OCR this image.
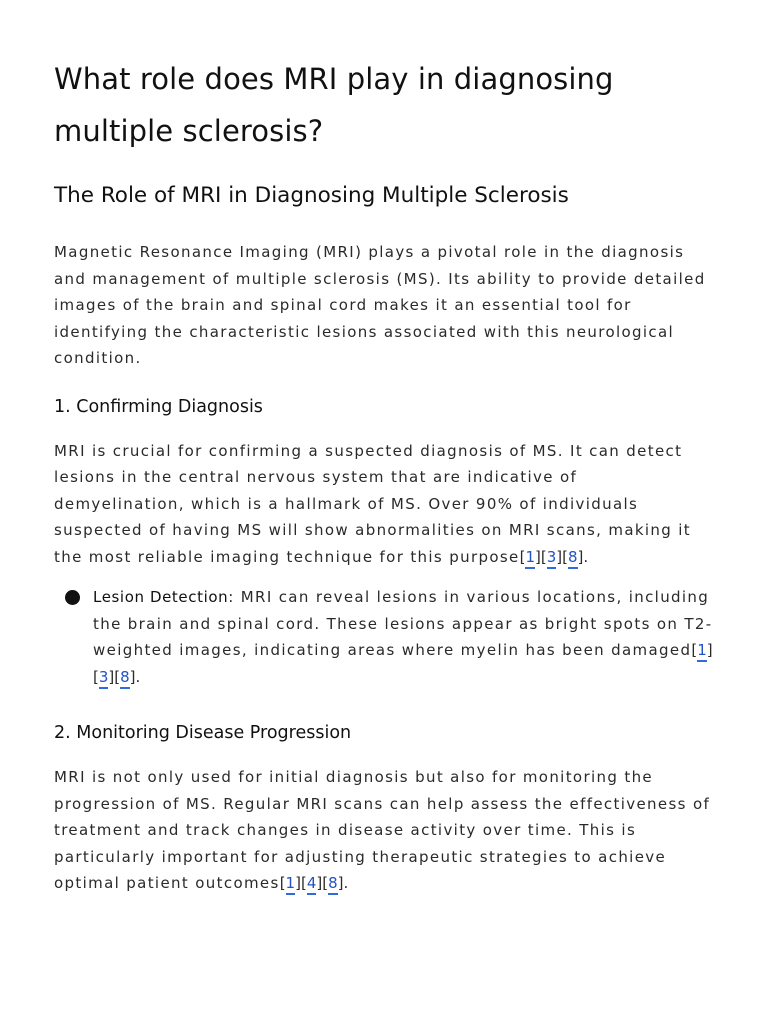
What role does MRI play in diagnosing multiple sclerosis?
The Role of MRI in Diagnosing Multiple Sclerosis

Magnetic Resonance Imaging (MRI) plays a pivotal role in the diagnosis and management of multiple sclerosis (MS). Its ability to provide detailed images of the brain and spinal cord makes it an essential tool for identifying the characteristic lesions associated with this neurological condition.

1. Confirming Diagnosis

MRI is crucial for confirming a suspected diagnosis of MS. It can detect lesions in the central nervous system that are indicative of demyelination, which is a hallmark of MS. Over 90% of individuals suspected of having MS will show abnormalities on MRI scans, making it the most reliable imaging technique for this purpose[1][3][8].

Lesion Detection: MRI can reveal lesions in various locations, including the brain and spinal cord. These lesions appear as bright spots on T2-weighted images, indicating areas where myelin has been damaged[1][3][8].
2. Monitoring Disease Progression

MRI is not only used for initial diagnosis but also for monitoring the progression of MS. Regular MRI scans can help assess the effectiveness of treatment and track changes in disease activity over time. This is particularly important for adjusting therapeutic strategies to achieve optimal patient outcomes[1][4][8].
